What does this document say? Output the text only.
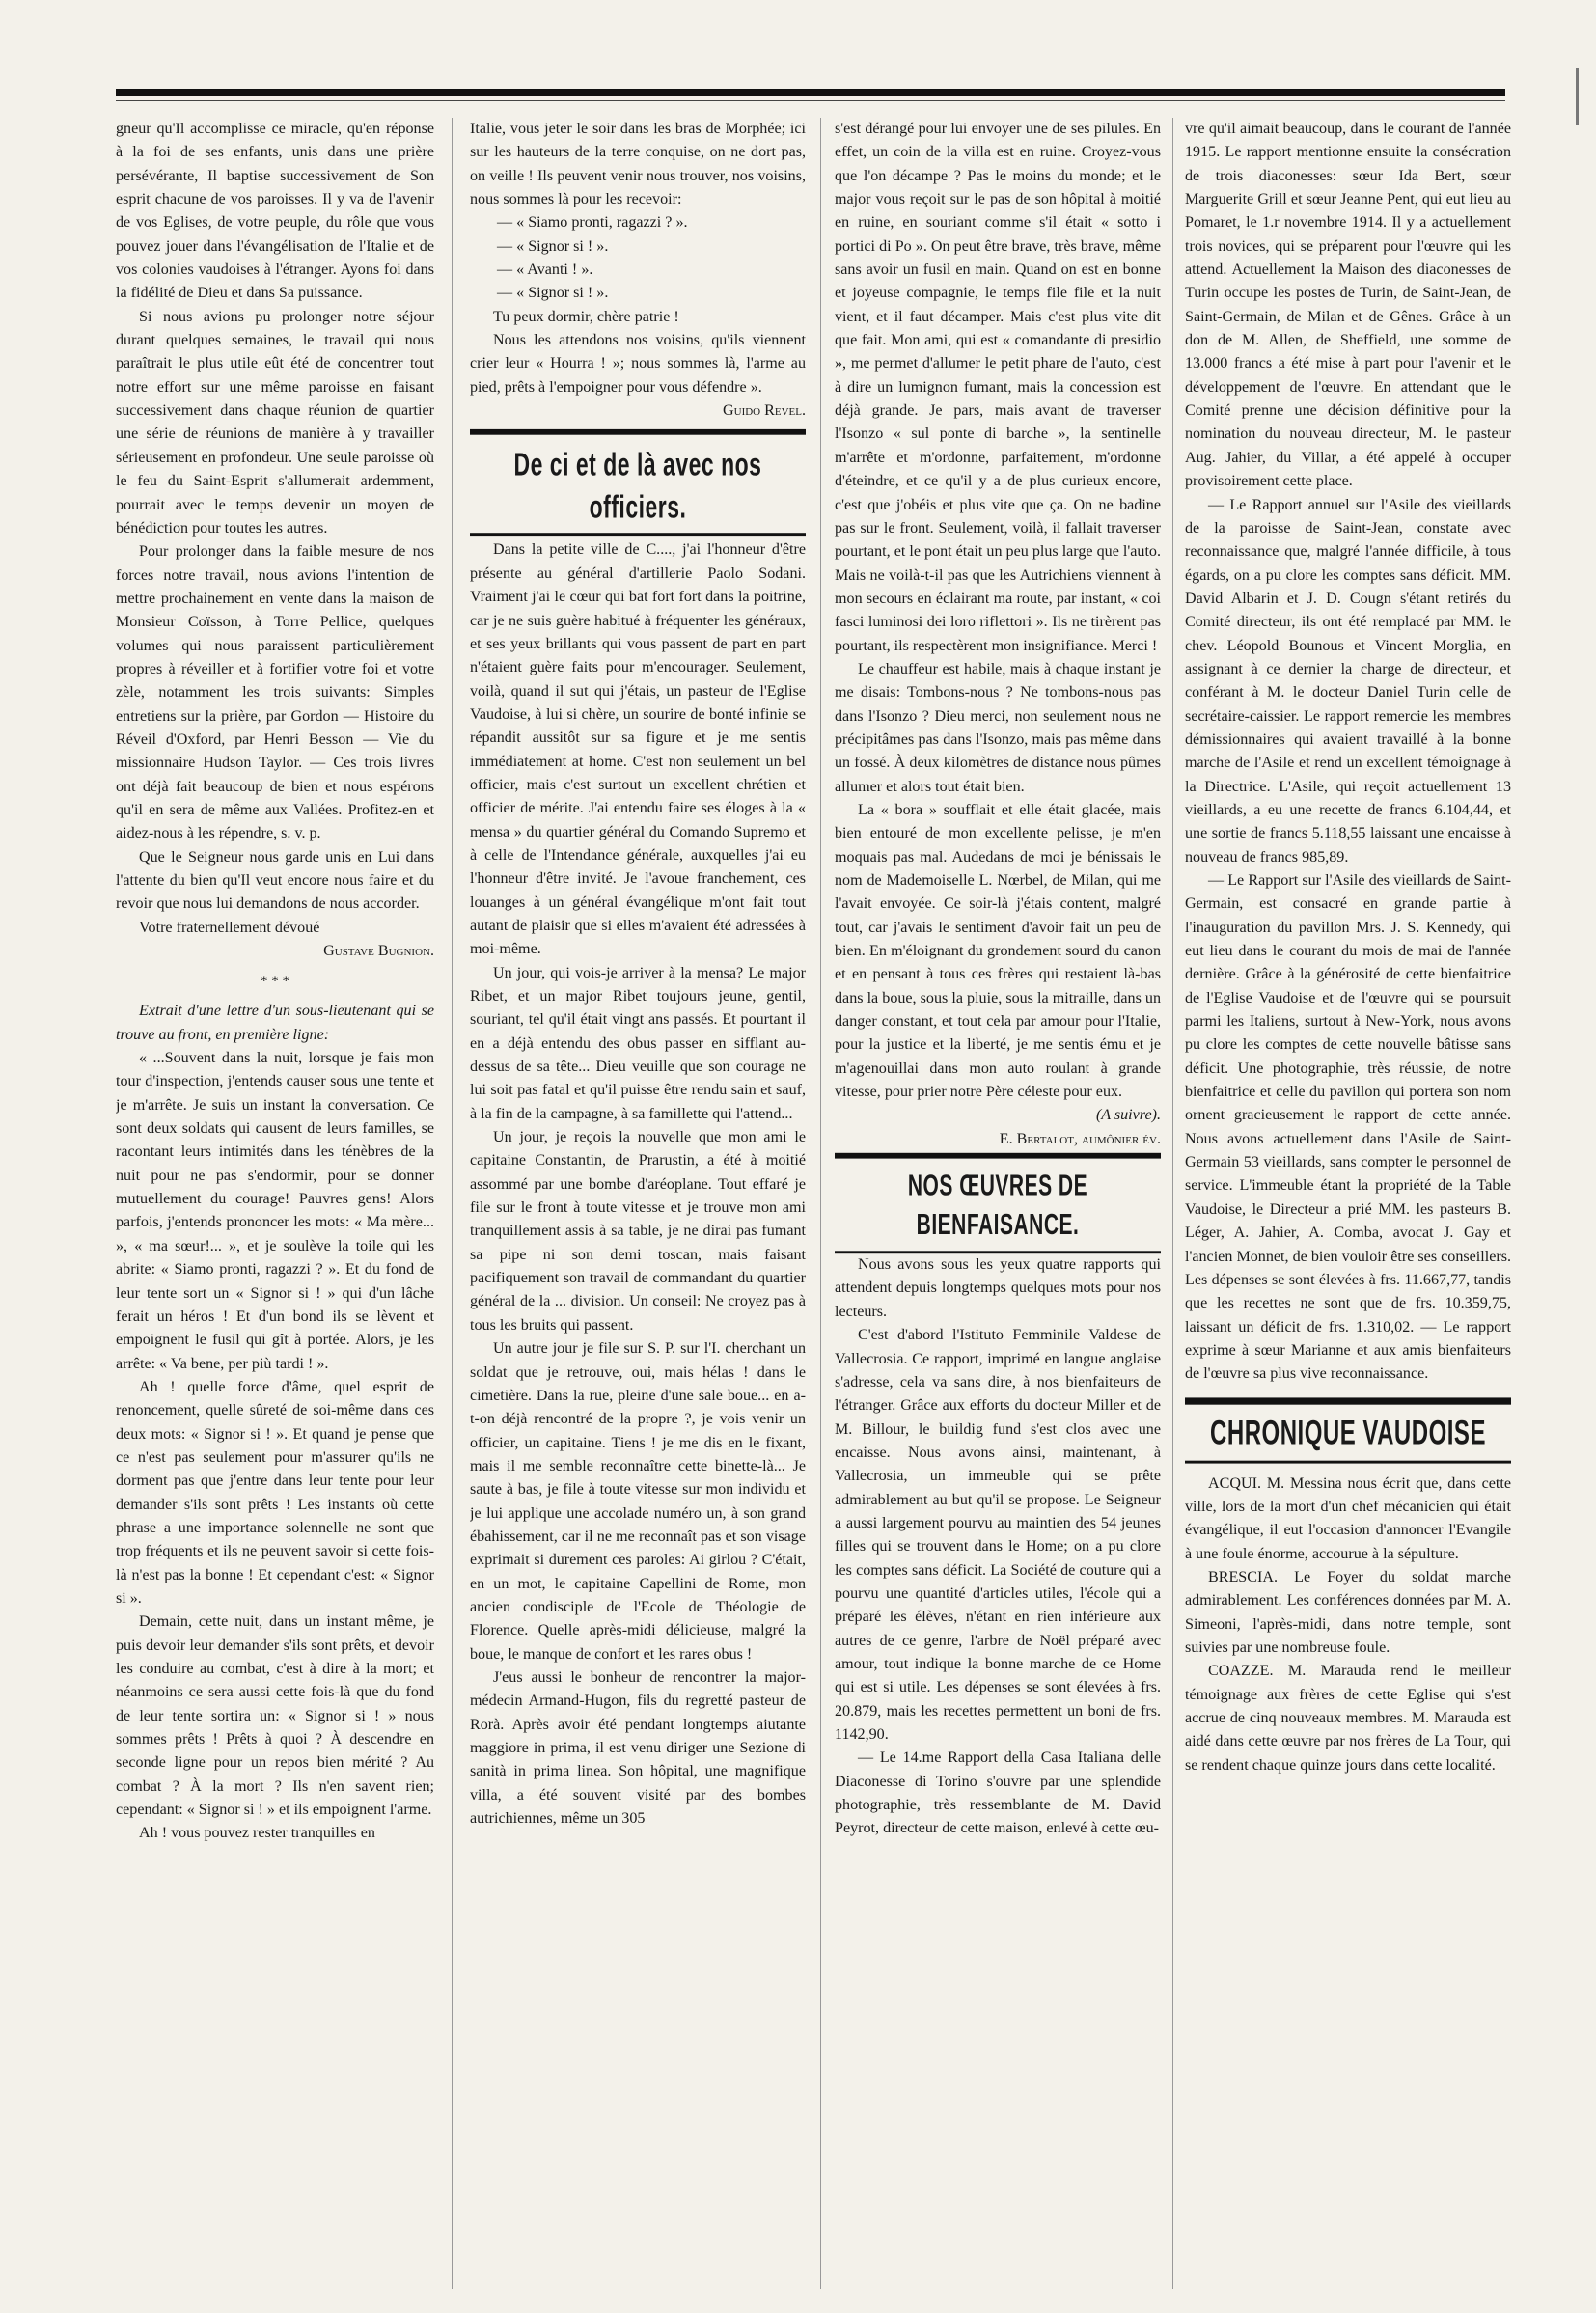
gneur qu'Il accomplisse ce miracle, qu'en réponse à la foi de ses enfants, unis dans une prière persévérante, Il baptise successivement de Son esprit chacune de vos paroisses. Il y va de l'avenir de vos Eglises, de votre peuple, du rôle que vous pouvez jouer dans l'évangélisation de l'Italie et de vos colonies vaudoises à l'étranger. Ayons foi dans la fidélité de Dieu et dans Sa puissance.

Si nous avions pu prolonger notre séjour durant quelques semaines, le travail qui nous paraîtrait le plus utile eût été de concentrer tout notre effort sur une même paroisse en faisant successivement dans chaque réunion de quartier une série de réunions de manière à y travailler sérieusement en profondeur. Une seule paroisse où le feu du Saint-Esprit s'allumerait ardemment, pourrait avec le temps devenir un moyen de bénédiction pour toutes les autres.

Pour prolonger dans la faible mesure de nos forces notre travail, nous avions l'intention de mettre prochainement en vente dans la maison de Monsieur Coïsson, à Torre Pellice, quelques volumes qui nous paraissent particulièrement propres à réveiller et à fortifier votre foi et votre zèle, notamment les trois suivants: Simples entretiens sur la prière, par Gordon — Histoire du Réveil d'Oxford, par Henri Besson — Vie du missionnaire Hudson Taylor. — Ces trois livres ont déjà fait beaucoup de bien et nous espérons qu'il en sera de même aux Vallées. Profitez-en et aidez-nous à les répendre, s. v. p.

Que le Seigneur nous garde unis en Lui dans l'attente du bien qu'Il veut encore nous faire et du revoir que nous lui demandons de nous accorder.

Votre fraternellement dévoué

Gustave Bugnion.

* * *

Extrait d'une lettre d'un sous-lieutenant qui se trouve au front, en première ligne:

« ...Souvent dans la nuit, lorsque je fais mon tour d'inspection, j'entends causer sous une tente et je m'arrête. Je suis un instant la conversation. Ce sont deux soldats qui causent de leurs familles, se racontant leurs intimités dans les ténèbres de la nuit pour ne pas s'endormir, pour se donner mutuellement du courage! Pauvres gens! Alors parfois, j'entends prononcer les mots: « Ma mère... », « ma sœur!... », et je soulève la toile qui les abrite: « Siamo pronti, ragazzi ? ». Et du fond de leur tente sort un « Signor si ! » qui d'un lâche ferait un héros ! Et d'un bond ils se lèvent et empoignent le fusil qui gît à portée. Alors, je les arrête: « Va bene, per più tardi ! ».

Ah ! quelle force d'âme, quel esprit de renoncement, quelle sûreté de soi-même dans ces deux mots: « Signor si ! ». Et quand je pense que ce n'est pas seulement pour m'assurer qu'ils ne dorment pas que j'entre dans leur tente pour leur demander s'ils sont prêts ! Les instants où cette phrase a une importance solennelle ne sont que trop fréquents et ils ne peuvent savoir si cette fois-là n'est pas la bonne ! Et cependant c'est: « Signor si ».

Demain, cette nuit, dans un instant même, je puis devoir leur demander s'ils sont prêts, et devoir les conduire au combat, c'est à dire à la mort; et néanmoins ce sera aussi cette fois-là que du fond de leur tente sortira un: « Signor si ! » nous sommes prêts ! Prêts à quoi ? À descendre en seconde ligne pour un repos bien mérité ? Au combat ? À la mort ? Ils n'en savent rien; cependant: « Signor si ! » et ils empoignent l'arme.

Ah ! vous pouvez rester tranquilles en

Italie, vous jeter le soir dans les bras de Morphée; ici sur les hauteurs de la terre conquise, on ne dort pas, on veille ! Ils peuvent venir nous trouver, nos voisins, nous sommes là pour les recevoir:

— « Siamo pronti, ragazzi ? ».

— « Signor si ! ».

— « Avanti ! ».

— « Signor si ! ».

Tu peux dormir, chère patrie !

Nous les attendons nos voisins, qu'ils viennent crier leur « Hourra ! »; nous sommes là, l'arme au pied, prêts à l'empoigner pour vous défendre ».

Guido Revel.

De ci et de là avec nos officiers.

Dans la petite ville de C...., j'ai l'honneur d'être présente au général d'artillerie Paolo Sodani. Vraiment j'ai le cœur qui bat fort fort dans la poitrine, car je ne suis guère habitué à fréquenter les généraux, et ses yeux brillants qui vous passent de part en part n'étaient guère faits pour m'encourager. Seulement, voilà, quand il sut qui j'étais, un pasteur de l'Eglise Vaudoise, à lui si chère, un sourire de bonté infinie se répandit aussitôt sur sa figure et je me sentis immédiatement at home. C'est non seulement un bel officier, mais c'est surtout un excellent chrétien et officier de mérite. J'ai entendu faire ses éloges à la « mensa » du quartier général du Comando Supremo et à celle de l'Intendance générale, auxquelles j'ai eu l'honneur d'être invité. Je l'avoue franchement, ces louanges à un général évangélique m'ont fait tout autant de plaisir que si elles m'avaient été adressées à moi-même.

Un jour, qui vois-je arriver à la mensa? Le major Ribet, et un major Ribet toujours jeune, gentil, souriant, tel qu'il était vingt ans passés. Et pourtant il en a déjà entendu des obus passer en sifflant au-dessus de sa tête... Dieu veuille que son courage ne lui soit pas fatal et qu'il puisse être rendu sain et sauf, à la fin de la campagne, à sa famillette qui l'attend...

Un jour, je reçois la nouvelle que mon ami le capitaine Constantin, de Prarustin, a été à moitié assommé par une bombe d'aréoplane. Tout effaré je file sur le front à toute vitesse et je trouve mon ami tranquillement assis à sa table, je ne dirai pas fumant sa pipe ni son demi toscan, mais faisant pacifiquement son travail de commandant du quartier général de la ... division. Un conseil: Ne croyez pas à tous les bruits qui passent.

Un autre jour je file sur S. P. sur l'I. cherchant un soldat que je retrouve, oui, mais hélas ! dans le cimetière. Dans la rue, pleine d'une sale boue... en a-t-on déjà rencontré de la propre ?, je vois venir un officier, un capitaine. Tiens ! je me dis en le fixant, mais il me semble reconnaître cette binette-là... Je saute à bas, je file à toute vitesse sur mon individu et je lui applique une accolade numéro un, à son grand ébahissement, car il ne me reconnaît pas et son visage exprimait si durement ces paroles: Ai girlou ? C'était, en un mot, le capitaine Capellini de Rome, mon ancien condisciple de l'Ecole de Théologie de Florence. Quelle après-midi délicieuse, malgré la boue, le manque de confort et les rares obus !

J'eus aussi le bonheur de rencontrer la major-médecin Armand-Hugon, fils du regretté pasteur de Rorà. Après avoir été pendant longtemps aiutante maggiore in prima, il est venu diriger une Sezione di sanità in prima linea. Son hôpital, une magnifique villa, a été souvent visité par des bombes autrichiennes, même un 305

s'est dérangé pour lui envoyer une de ses pilules. En effet, un coin de la villa est en ruine. Croyez-vous que l'on décampe ? Pas le moins du monde; et le major vous reçoit sur le pas de son hôpital à moitié en ruine, en souriant comme s'il était « sotto i portici di Po ». On peut être brave, très brave, même sans avoir un fusil en main. Quand on est en bonne et joyeuse compagnie, le temps file file et la nuit vient, et il faut décamper. Mais c'est plus vite dit que fait. Mon ami, qui est « comandante di presidio », me permet d'allumer le petit phare de l'auto, c'est à dire un lumignon fumant, mais la concession est déjà grande. Je pars, mais avant de traverser l'Isonzo « sul ponte di barche », la sentinelle m'arrête et m'ordonne, parfaitement, m'ordonne d'éteindre, et ce qu'il y a de plus curieux encore, c'est que j'obéis et plus vite que ça. On ne badine pas sur le front. Seulement, voilà, il fallait traverser pourtant, et le pont était un peu plus large que l'auto. Mais ne voilà-t-il pas que les Autrichiens viennent à mon secours en éclairant ma route, par instant, « coi fasci luminosi dei loro riflettori ». Ils ne tirèrent pas pourtant, ils respectèrent mon insignifiance. Merci !

Le chauffeur est habile, mais à chaque instant je me disais: Tombons-nous ? Ne tombons-nous pas dans l'Isonzo ? Dieu merci, non seulement nous ne précipitâmes pas dans l'Isonzo, mais pas même dans un fossé. À deux kilomètres de distance nous pûmes allumer et alors tout était bien.

La « bora » soufflait et elle était glacée, mais bien entouré de mon excellente pelisse, je m'en moquais pas mal. Audedans de moi je bénissais le nom de Mademoiselle L. Nœrbel, de Milan, qui me l'avait envoyée. Ce soir-là j'étais content, malgré tout, car j'avais le sentiment d'avoir fait un peu de bien. En m'éloignant du grondement sourd du canon et en pensant à tous ces frères qui restaient là-bas dans la boue, sous la pluie, sous la mitraille, dans un danger constant, et tout cela par amour pour l'Italie, pour la justice et la liberté, je me sentis ému et je m'agenouillai dans mon auto roulant à grande vitesse, pour prier notre Père céleste pour eux.

(A suivre).

E. Bertalot, aumônier év.

NOS ŒUVRES DE BIENFAISANCE.

Nous avons sous les yeux quatre rapports qui attendent depuis longtemps quelques mots pour nos lecteurs.

C'est d'abord l'Istituto Femminile Valdese de Vallecrosia. Ce rapport, imprimé en langue anglaise s'adresse, cela va sans dire, à nos bienfaiteurs de l'étranger. Grâce aux efforts du docteur Miller et de M. Billour, le buildig fund s'est clos avec une encaisse. Nous avons ainsi, maintenant, à Vallecrosia, un immeuble qui se prête admirablement au but qu'il se propose. Le Seigneur a aussi largement pourvu au maintien des 54 jeunes filles qui se trouvent dans le Home; on a pu clore les comptes sans déficit. La Société de couture qui a pourvu une quantité d'articles utiles, l'école qui a préparé les élèves, n'étant en rien inférieure aux autres de ce genre, l'arbre de Noël préparé avec amour, tout indique la bonne marche de ce Home qui est si utile. Les dépenses se sont élevées à frs. 20.879, mais les recettes permettent un boni de frs. 1142,90.

— Le 14.me Rapport della Casa Italiana delle Diaconesse di Torino s'ouvre par une splendide photographie, très ressemblante de M. David Peyrot, directeur de cette maison, enlevé à cette œu-

vre qu'il aimait beaucoup, dans le courant de l'année 1915. Le rapport mentionne ensuite la consécration de trois diaconesses: sœur Ida Bert, sœur Marguerite Grill et sœur Jeanne Pent, qui eut lieu au Pomaret, le 1.r novembre 1914. Il y a actuellement trois novices, qui se préparent pour l'œuvre qui les attend. Actuellement la Maison des diaconesses de Turin occupe les postes de Turin, de Saint-Jean, de Saint-Germain, de Milan et de Gênes. Grâce à un don de M. Allen, de Sheffield, une somme de 13.000 francs a été mise à part pour l'avenir et le développement de l'œuvre. En attendant que le Comité prenne une décision définitive pour la nomination du nouveau directeur, M. le pasteur Aug. Jahier, du Villar, a été appelé à occuper provisoirement cette place.

— Le Rapport annuel sur l'Asile des vieillards de la paroisse de Saint-Jean, constate avec reconnaissance que, malgré l'année difficile, à tous égards, on a pu clore les comptes sans déficit. MM. David Albarin et J. D. Cougn s'étant retirés du Comité directeur, ils ont été remplacé par MM. le chev. Léopold Bounous et Vincent Morglia, en assignant à ce dernier la charge de directeur, et conférant à M. le docteur Daniel Turin celle de secrétaire-caissier. Le rapport remercie les membres démissionnaires qui avaient travaillé à la bonne marche de l'Asile et rend un excellent témoignage à la Directrice. L'Asile, qui reçoit actuellement 13 vieillards, a eu une recette de francs 6.104,44, et une sortie de francs 5.118,55 laissant une encaisse à nouveau de francs 985,89.

— Le Rapport sur l'Asile des vieillards de Saint-Germain, est consacré en grande partie à l'inauguration du pavillon Mrs. J. S. Kennedy, qui eut lieu dans le courant du mois de mai de l'année dernière. Grâce à la générosité de cette bienfaitrice de l'Eglise Vaudoise et de l'œuvre qui se poursuit parmi les Italiens, surtout à New-York, nous avons pu clore les comptes de cette nouvelle bâtisse sans déficit. Une photographie, très réussie, de notre bienfaitrice et celle du pavillon qui portera son nom ornent gracieusement le rapport de cette année. Nous avons actuellement dans l'Asile de Saint-Germain 53 vieillards, sans compter le personnel de service. L'immeuble étant la propriété de la Table Vaudoise, le Directeur a prié MM. les pasteurs B. Léger, A. Jahier, A. Comba, avocat J. Gay et l'ancien Monnet, de bien vouloir être ses conseillers. Les dépenses se sont élevées à frs. 11.667,77, tandis que les recettes ne sont que de frs. 10.359,75, laissant un déficit de frs. 1.310,02. — Le rapport exprime à sœur Marianne et aux amis bienfaiteurs de l'œuvre sa plus vive reconnaissance.

CHRONIQUE VAUDOISE

ACQUI. M. Messina nous écrit que, dans cette ville, lors de la mort d'un chef mécanicien qui était évangélique, il eut l'occasion d'annoncer l'Evangile à une foule énorme, accourue à la sépulture.

BRESCIA. Le Foyer du soldat marche admirablement. Les conférences données par M. A. Simeoni, l'après-midi, dans notre temple, sont suivies par une nombreuse foule.

COAZZE. M. Marauda rend le meilleur témoignage aux frères de cette Eglise qui s'est accrue de cinq nouveaux membres. M. Marauda est aidé dans cette œuvre par nos frères de La Tour, qui se rendent chaque quinze jours dans cette localité.
